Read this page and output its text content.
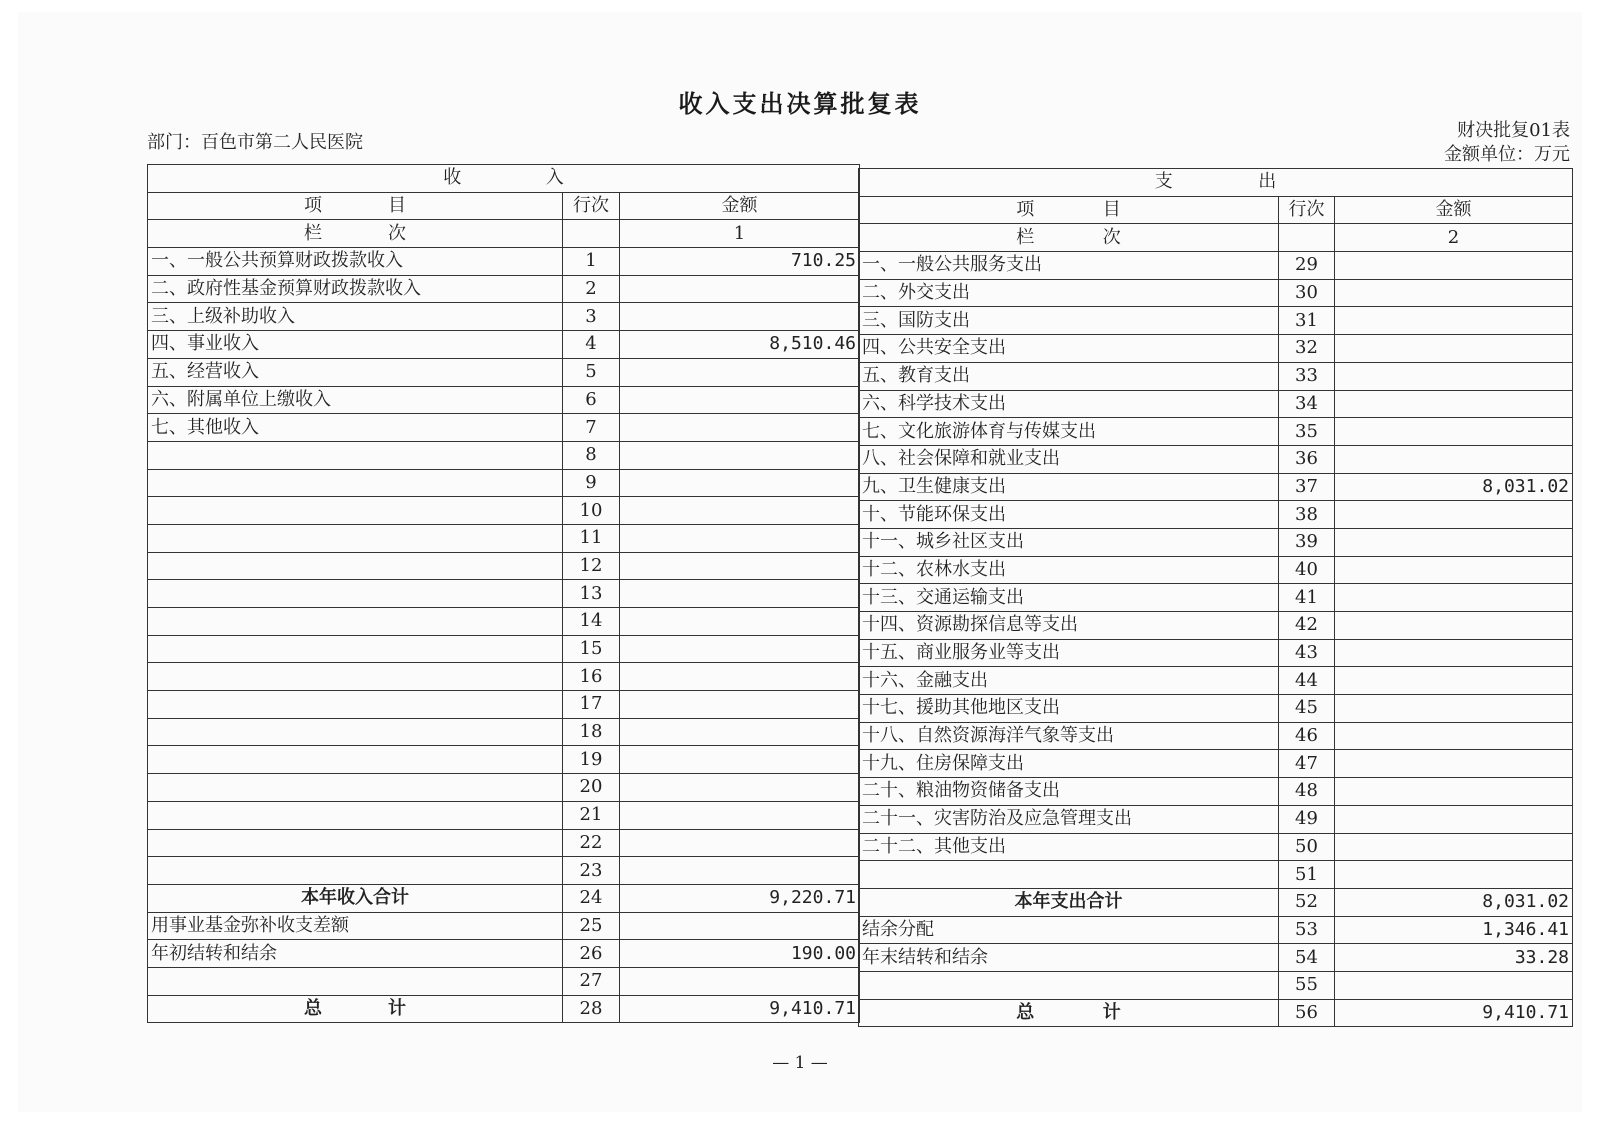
收入支出决算批复表
部门：百色市第二人民医院
财决批复01表
金额单位：万元
收 入		

项 目	行次	金额

栏 次		1
一、一般公共预算财政拨款收入	1	710.25
二、政府性基金预算财政拨款收入	2	
三、上级补助收入	3	
四、事业收入	4	8,510.46
五、经营收入	5	
六、附属单位上缴收入	6	
七、其他收入	7	
	8	
	9	
	10	
	11	
	12	
	13	
	14	
	15	
	16	
	17	
	18	
	19	
	20	
	21	
	22	
	23	
本年收入合计	24	9,220.71
用事业基金弥补收支差额	25	
年初结转和结余	26	190.00
	27	

总 计	28	9,410.71
支 出		

项 目	行次	金额

栏 次		2
一、一般公共服务支出	29	
二、外交支出	30	
三、国防支出	31	
四、公共安全支出	32	
五、教育支出	33	
六、科学技术支出	34	
七、文化旅游体育与传媒支出	35	
八、社会保障和就业支出	36	
九、卫生健康支出	37	8,031.02
十、节能环保支出	38	
十一、城乡社区支出	39	
十二、农林水支出	40	
十三、交通运输支出	41	
十四、资源勘探信息等支出	42	
十五、商业服务业等支出	43	
十六、金融支出	44	
十七、援助其他地区支出	45	
十八、自然资源海洋气象等支出	46	
十九、住房保障支出	47	
二十、粮油物资储备支出	48	
二十一、灾害防治及应急管理支出	49	
二十二、其他支出	50	
	51	
本年支出合计	52	8,031.02
结余分配	53	1,346.41
年末结转和结余	54	33.28
	55	

总 计	56	9,410.71
— 1 —
